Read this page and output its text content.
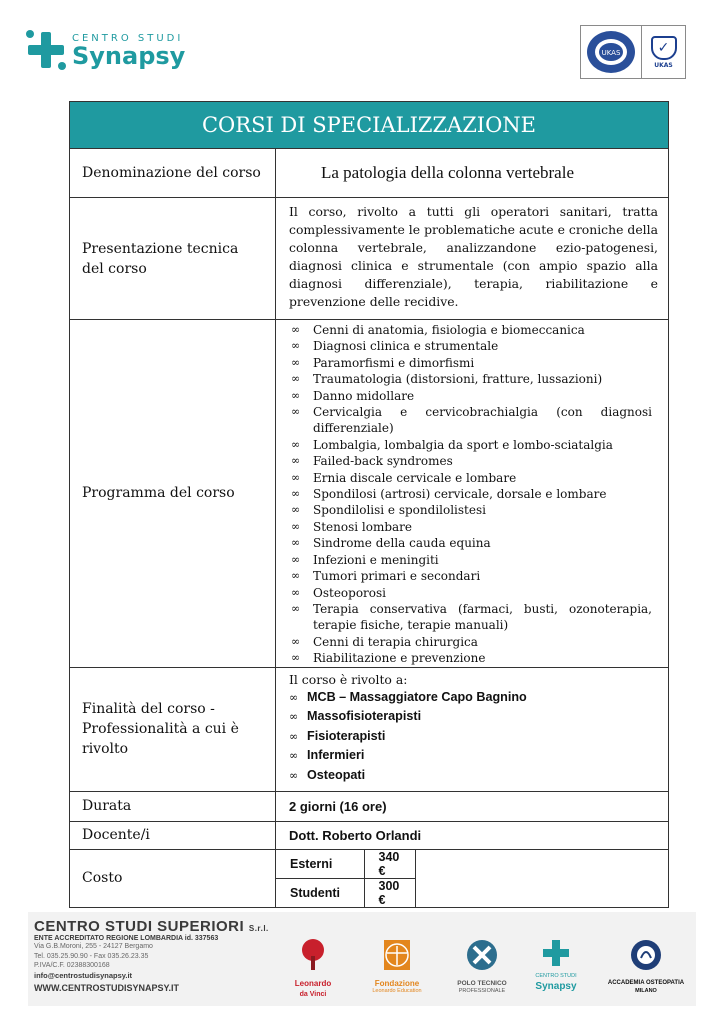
CENTRO STUDI
Synapsy	UKAS	✓
UKAS
CORSI DI SPECIALIZZAZIONE
Denominazione del corso	La patologia della colonna vertebrale

Presentazione tecnica del corso	
Il corso, rivolto a tutti gli operatori sanitari, tratta complessivamente le problematiche acute e croniche della colonna vertebrale, analizzandone ezio-patogenesi, diagnosi clinica e strumentale (con ampio spazio alla diagnosi differenziale), terapia, riabilitazione e prevenzione delle recidive.

Programma del corso	
∞ Cenni di anatomia, fisiologia e biomeccanica
∞ Diagnosi clinica e strumentale
∞ Paramorfismi e dimorfismi
∞ Traumatologia (distorsioni, fratture, lussazioni)
∞ Danno midollare
∞ Cervicalgia e cervicobrachialgia (con diagnosi differenziale)
∞ Lombalgia, lombalgia da sport e lombo-sciatalgia
∞ Failed-back syndromes
∞ Ernia discale cervicale e lombare
∞ Spondilosi (artrosi) cervicale, dorsale e lombare
∞ Spondilolisi e spondilolistesi
∞ Stenosi lombare
∞ Sindrome della cauda equina
∞ Infezioni e meningiti
∞ Tumori primari e secondari
∞ Osteoporosi
∞ Terapia conservativa (farmaci, busti, ozonoterapia, terapie fisiche, terapie manuali)
∞ Cenni di terapia chirurgica
∞ Riabilitazione e prevenzione

Finalità del corso - Professionalità a cui è rivolto	
Il corso è rivolto a:
∞ MCB – Massaggiatore Capo Bagnino
∞ Massofisioterapisti
∞ Fisioterapisti
∞ Infermieri
∞ Osteopati

Durata	2 giorni (16 ore)
Docente/i	Dott. Roberto Orlandi
Costo	
Esterni	340 €
Studenti	300 €
CENTRO STUDI SUPERIORI S.r.l.
ENTE ACCREDITATO REGIONE LOMBARDIA id. 337563
Via G.B.Moroni, 255 - 24127 Bergamo
Tel. 035.25.90.90 - Fax 035.26.23.35
P.IVA/C.F. 02388300168
info@centrostudisynapsy.it
WWW.CENTROSTUDISYNAPSY.IT	Leonardo
da Vinci
Fondazione
Leonardo Education
POLO TECNICO
PROFESSIONALE
CENTRO STUDI
Synapsy	ACCADEMIA OSTEOPATIA
MILANO
